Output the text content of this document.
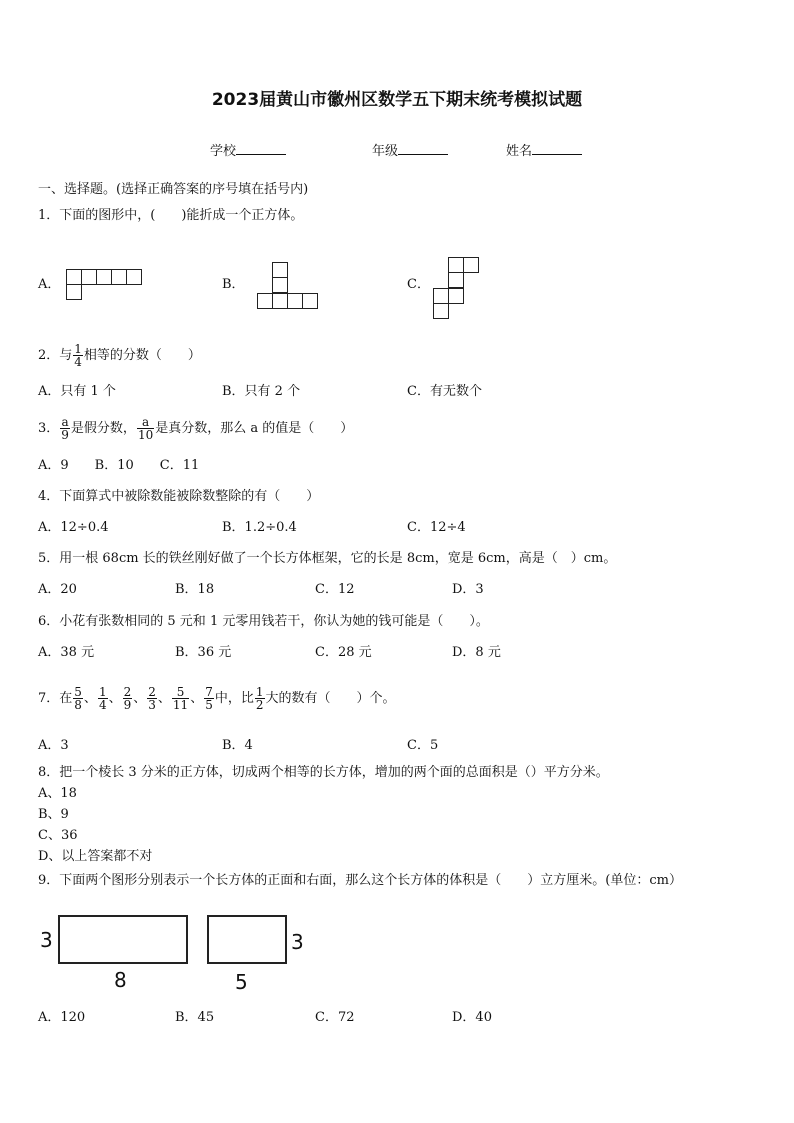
2023届黄山市徽州区数学五下期末统考模拟试题
学校	年级	姓名
一、选择题。(选择正确答案的序号填在括号内)
1．下面的图形中，(　　)能折成一个正方体。
A．	B．	C．
2．与 $\frac{1}{4}$ 相等的分数（　　）
A．只有 1 个	B．只有 2 个	C．有无数个
3． $\frac{a}{9}$ 是假分数， $\frac{a}{10}$ 是真分数，那么 a 的值是（　　）
A．9　　B．10　　C．11
4．下面算式中被除数能被除数整除的有（　　）
A．12÷0.4	B．1.2÷0.4	C．12÷4
5．用一根 68cm 长的铁丝刚好做了一个长方体框架，它的长是 8cm，宽是 6cm，高是（　）cm。
A．20	B．18	C．12	D．3
6．小花有张数相同的 5 元和 1 元零用钱若干，你认为她的钱可能是（　　）。
A．38 元	B．36 元	C．28 元	D．8 元
7．在 $\frac{5}{8}$ 、 $\frac{1}{4}$ 、 $\frac{2}{9}$ 、 $\frac{2}{3}$ 、 $\frac{5}{11}$ 、 $\frac{7}{5}$ 中，比 $\frac{1}{2}$ 大的数有（　　）个。
A．3	B．4	C．5
8．把一个棱长 3 分米的正方体，切成两个相等的长方体，增加的两个面的总面积是（）平方分米。
A、18
B、9
C、36
D、以上答案都不对
9．下面两个图形分别表示一个长方体的正面和右面，那么这个长方体的体积是（　　）立方厘米。(单位：cm）
3
8
3
5
A．120	B．45	C．72	D．40
